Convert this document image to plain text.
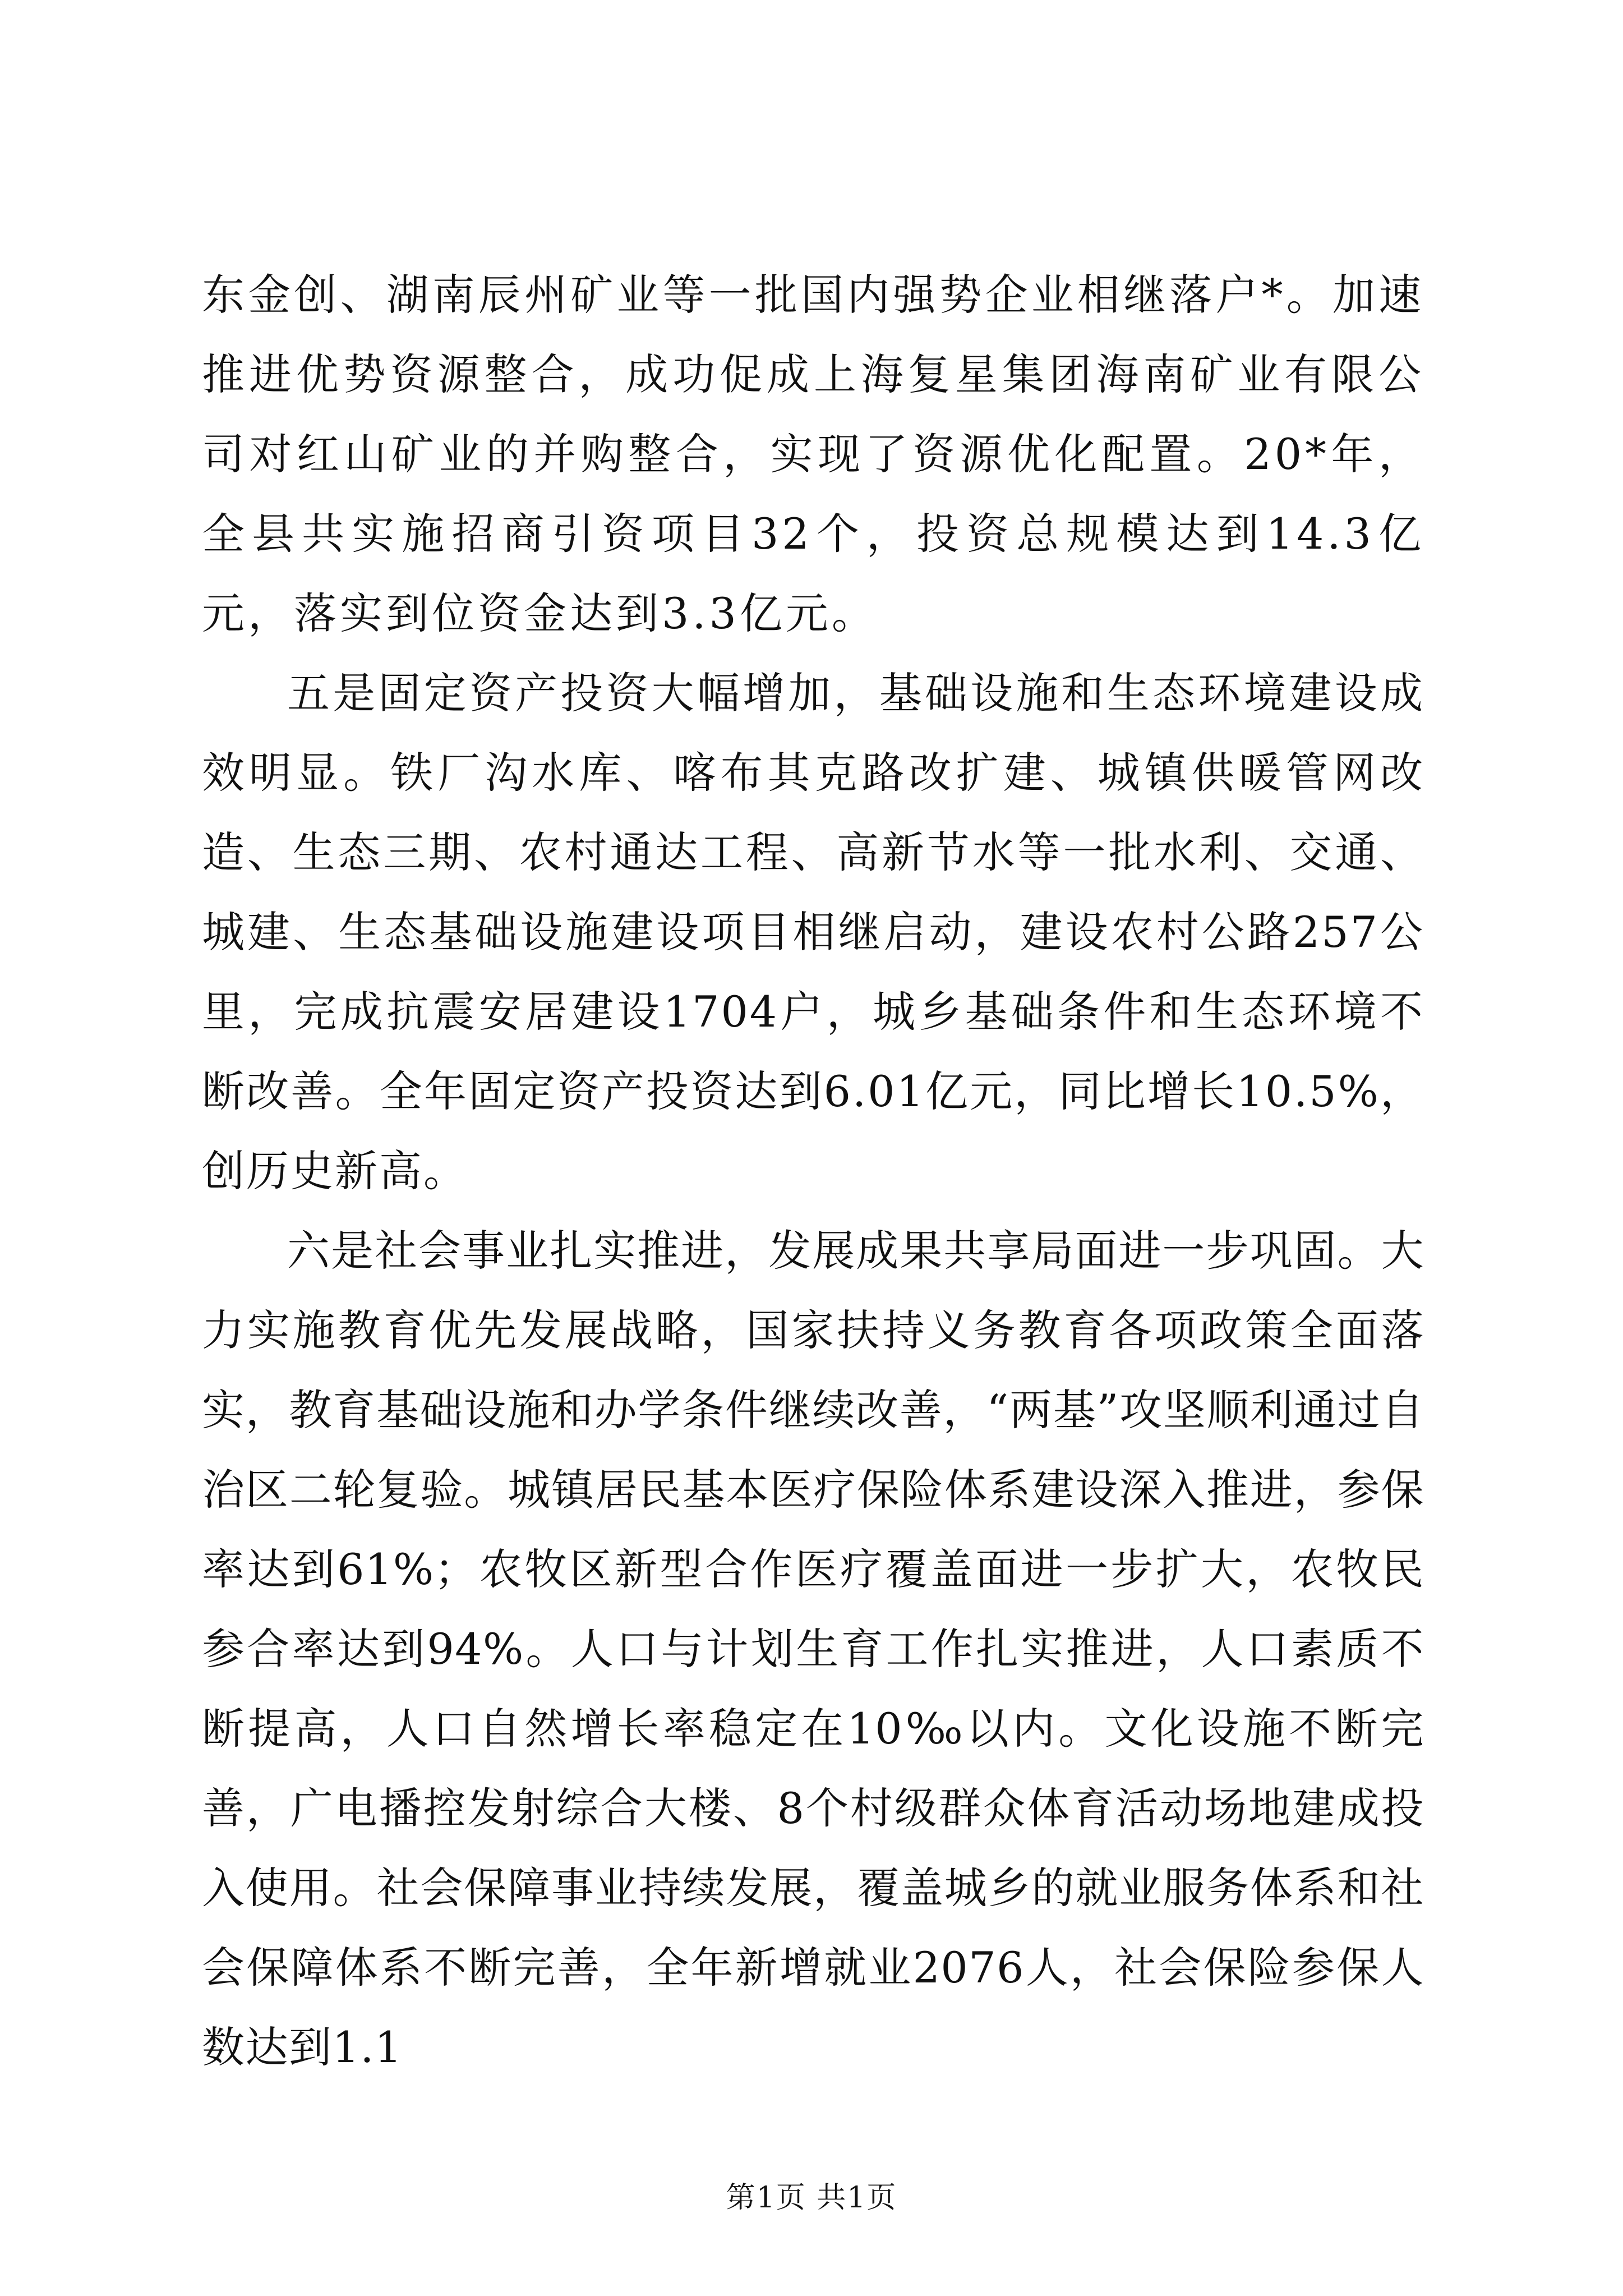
东金创、湖南辰州矿业等一批国内强势企业相继落户*。加速推进优势资源整合，成功促成上海复星集团海南矿业有限公司对红山矿业的并购整合，实现了资源优化配置。20*年，全县共实施招商引资项目32个，投资总规模达到14.3亿元，落实到位资金达到3.3亿元。

五是固定资产投资大幅增加，基础设施和生态环境建设成效明显。铁厂沟水库、喀布其克路改扩建、城镇供暖管网改造、生态三期、农村通达工程、高新节水等一批水利、交通、城建、生态基础设施建设项目相继启动，建设农村公路257公里，完成抗震安居建设1704户，城乡基础条件和生态环境不断改善。全年固定资产投资达到6.01亿元，同比增长10.5%，创历史新高。

六是社会事业扎实推进，发展成果共享局面进一步巩固。大力实施教育优先发展战略，国家扶持义务教育各项政策全面落实，教育基础设施和办学条件继续改善，“两基”攻坚顺利通过自治区二轮复验。城镇居民基本医疗保险体系建设深入推进，参保率达到61%；农牧区新型合作医疗覆盖面进一步扩大，农牧民参合率达到94%。人口与计划生育工作扎实推进，人口素质不断提高，人口自然增长率稳定在10‰以内。文化设施不断完善，广电播控发射综合大楼、8个村级群众体育活动场地建成投入使用。社会保障事业持续发展，覆盖城乡的就业服务体系和社会保障体系不断完善，全年新增就业2076人，社会保险参保人数达到1.1

第1页 共1页
